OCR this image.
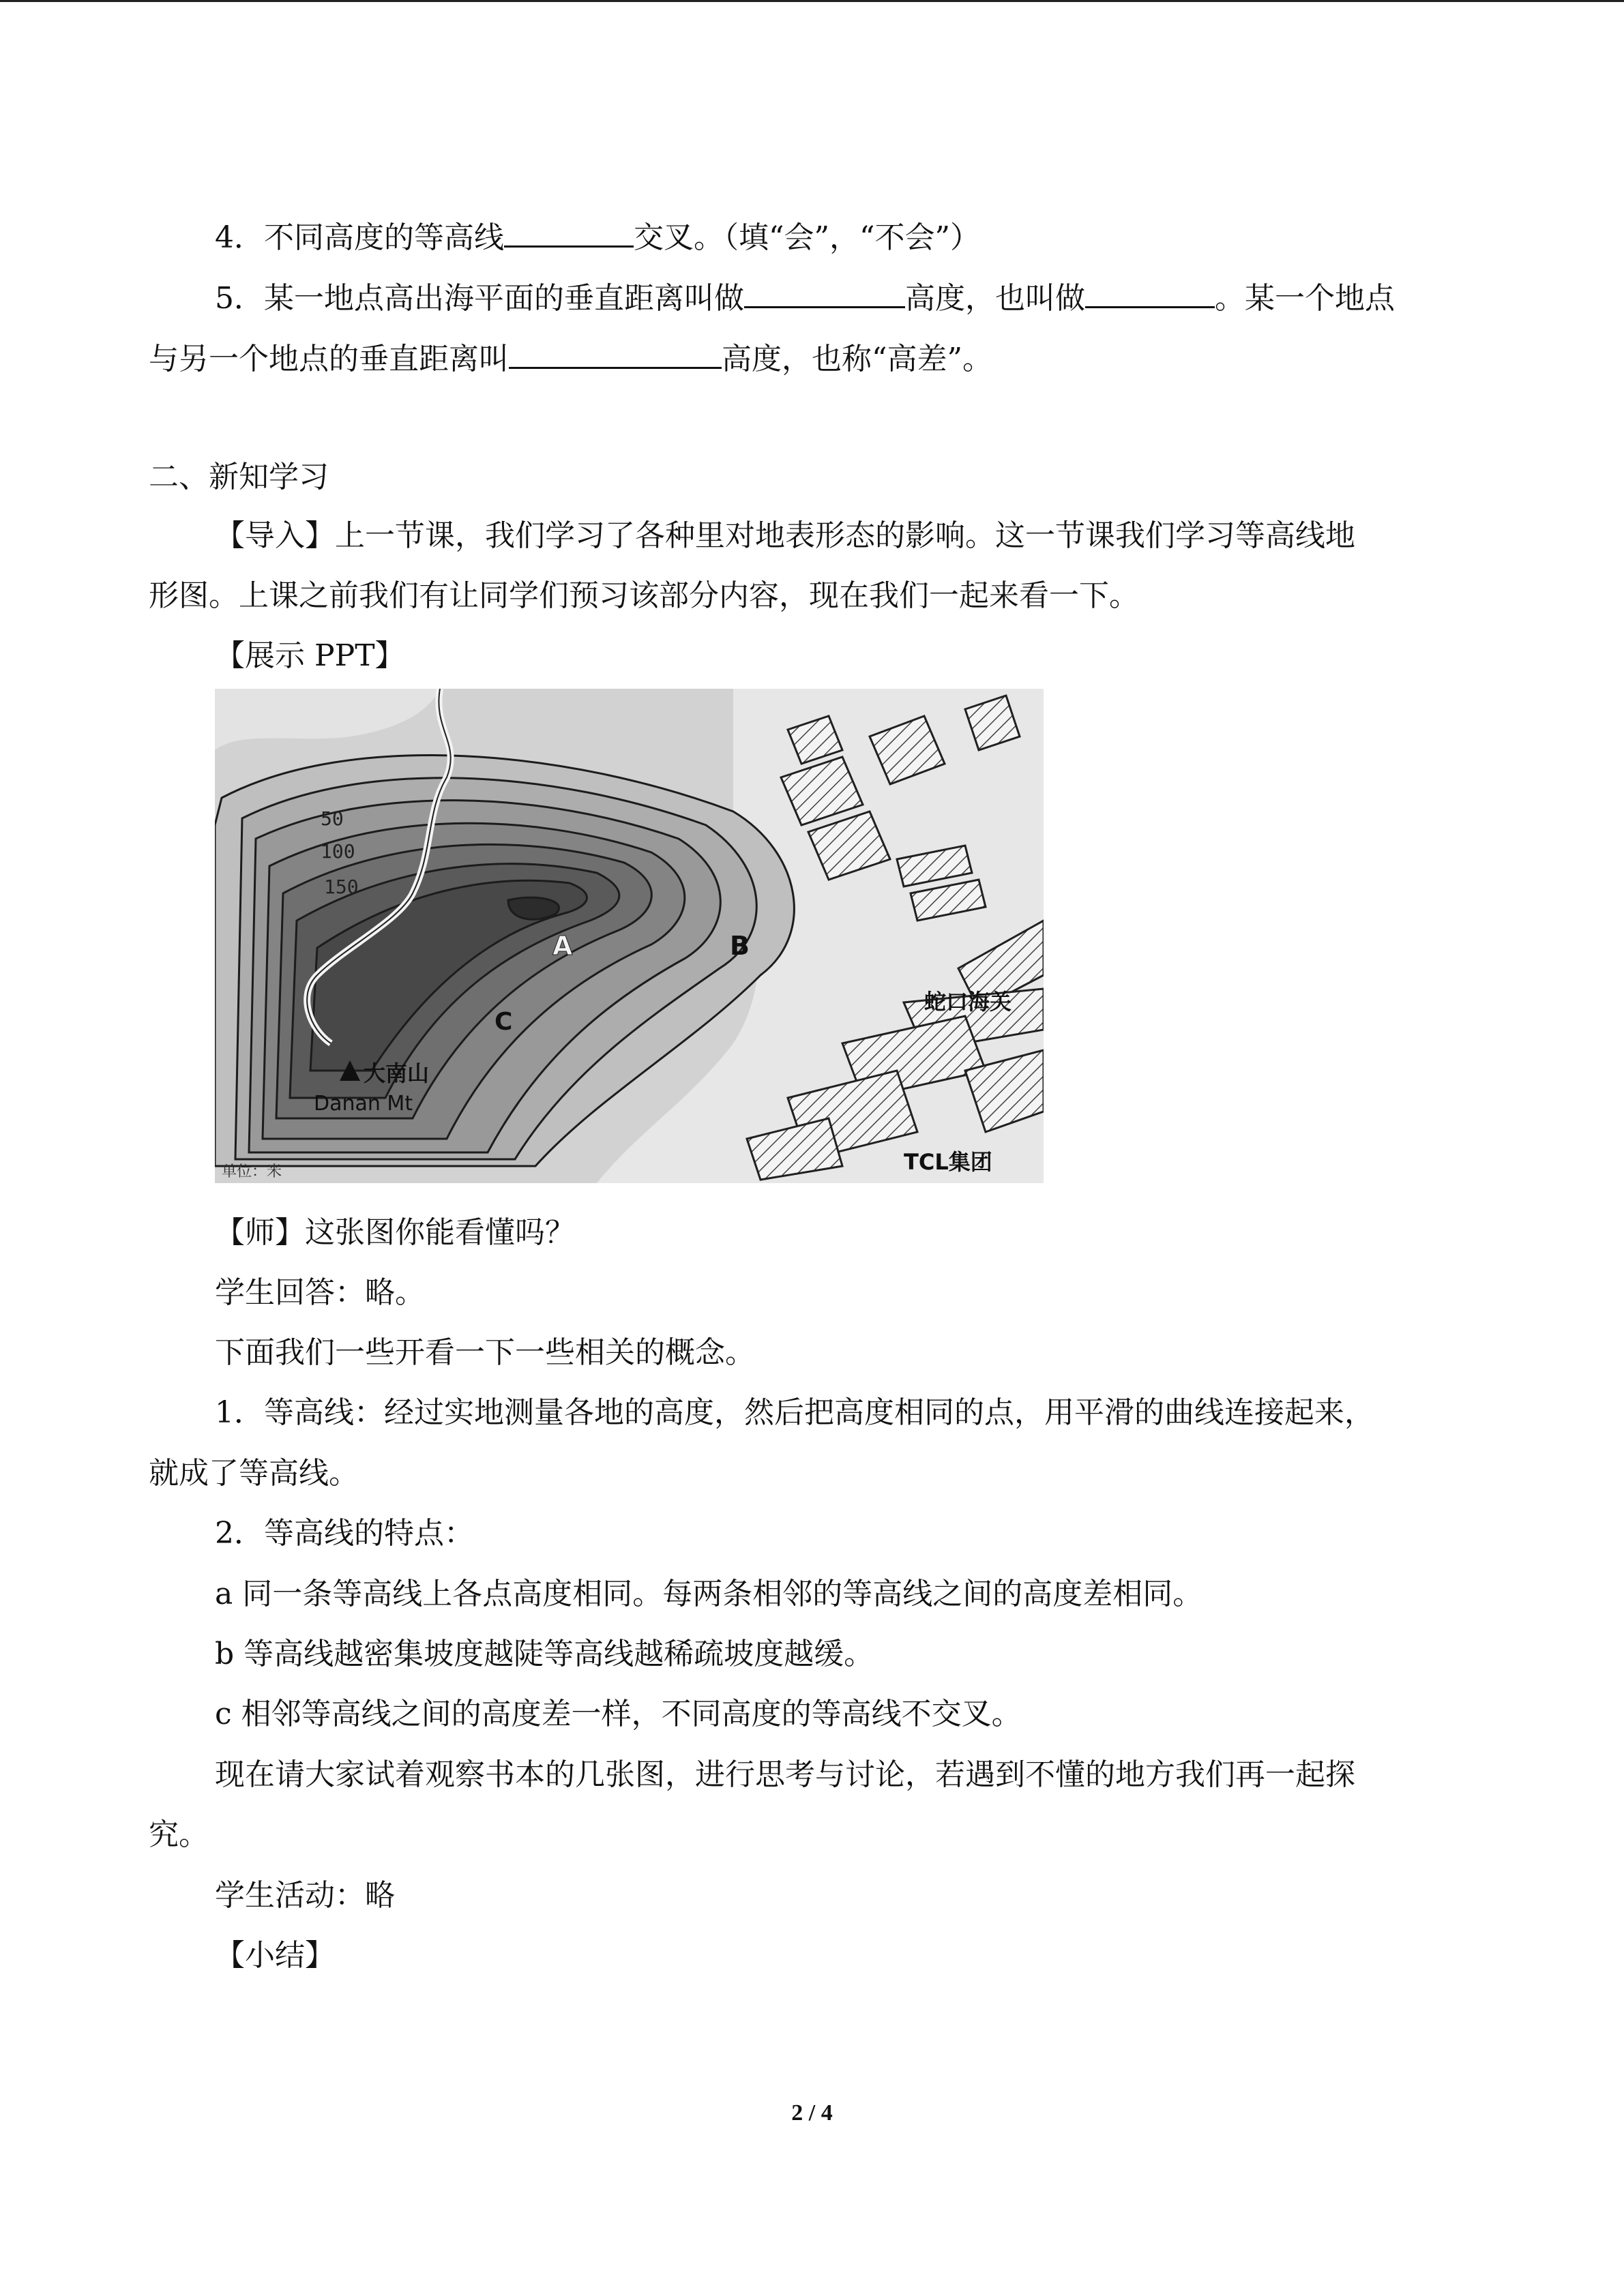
4．不同高度的等高线	交叉。（填“会”，“不会”）
5．某一地点高出海平面的垂直距离叫做	高度，也叫做	。某一个地点
与另一个地点的垂直距离叫	高度，也称“高差”。
二、新知学习
【导入】上一节课，我们学习了各种里对地表形态的影响。这一节课我们学习等高线地
形图。上课之前我们有让同学们预习该部分内容，现在我们一起来看一下。
【展示 PPT】
50
100
150
A	B
C
大南山
Danan Mt
蛇口海关
TCL集团
单位：米
【师】这张图你能看懂吗？
学生回答：略。
下面我们一些开看一下一些相关的概念。
1．等高线：经过实地测量各地的高度，然后把高度相同的点，用平滑的曲线连接起来，
就成了等高线。
2．等高线的特点：
a 同一条等高线上各点高度相同。每两条相邻的等高线之间的高度差相同。
b 等高线越密集坡度越陡等高线越稀疏坡度越缓。
c 相邻等高线之间的高度差一样，不同高度的等高线不交叉。
现在请大家试着观察书本的几张图，进行思考与讨论，若遇到不懂的地方我们再一起探
究。
学生活动：略
【小结】
2 / 4
